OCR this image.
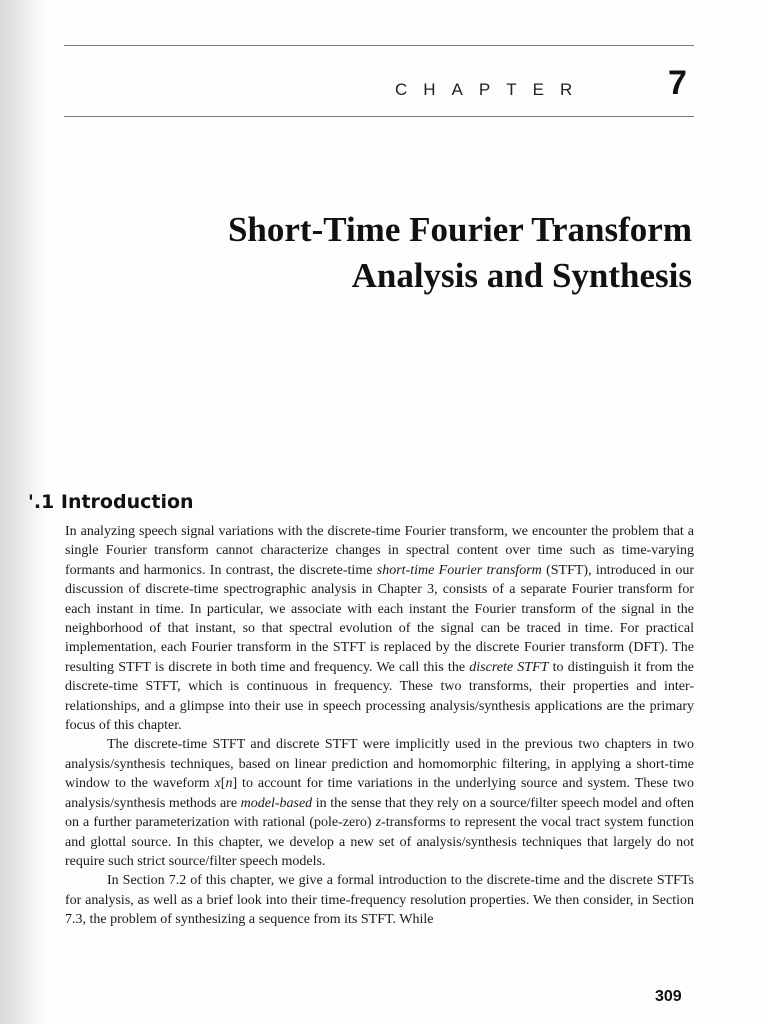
CHAPTER 7
Short-Time Fourier Transform
Analysis and Synthesis
'.1 Introduction

In analyzing speech signal variations with the discrete-time Fourier transform, we encounter the problem that a single Fourier transform cannot characterize changes in spectral content over time such as time-varying formants and harmonics. In contrast, the discrete-time short-time Fourier transform (STFT), introduced in our discussion of discrete-time spectrographic analysis in Chapter 3, consists of a separate Fourier transform for each instant in time. In particular, we associate with each instant the Fourier transform of the signal in the neighborhood of that instant, so that spectral evolution of the signal can be traced in time. For practical implementation, each Fourier transform in the STFT is replaced by the discrete Fourier transform (DFT). The resulting STFT is discrete in both time and frequency. We call this the discrete STFT to distinguish it from the discrete-time STFT, which is continuous in frequency. These two transforms, their properties and inter-relationships, and a glimpse into their use in speech processing analysis/synthesis applications are the primary focus of this chapter.

The discrete-time STFT and discrete STFT were implicitly used in the previous two chapters in two analysis/synthesis techniques, based on linear prediction and homomorphic filtering, in applying a short-time window to the waveform x[n] to account for time variations in the underlying source and system. These two analysis/synthesis methods are model-based in the sense that they rely on a source/filter speech model and often on a further parameterization with rational (pole-zero) z-transforms to represent the vocal tract system function and glottal source. In this chapter, we develop a new set of analysis/synthesis techniques that largely do not require such strict source/filter speech models.

In Section 7.2 of this chapter, we give a formal introduction to the discrete-time and the discrete STFTs for analysis, as well as a brief look into their time-frequency resolution properties. We then consider, in Section 7.3, the problem of synthesizing a sequence from its STFT. While

309
